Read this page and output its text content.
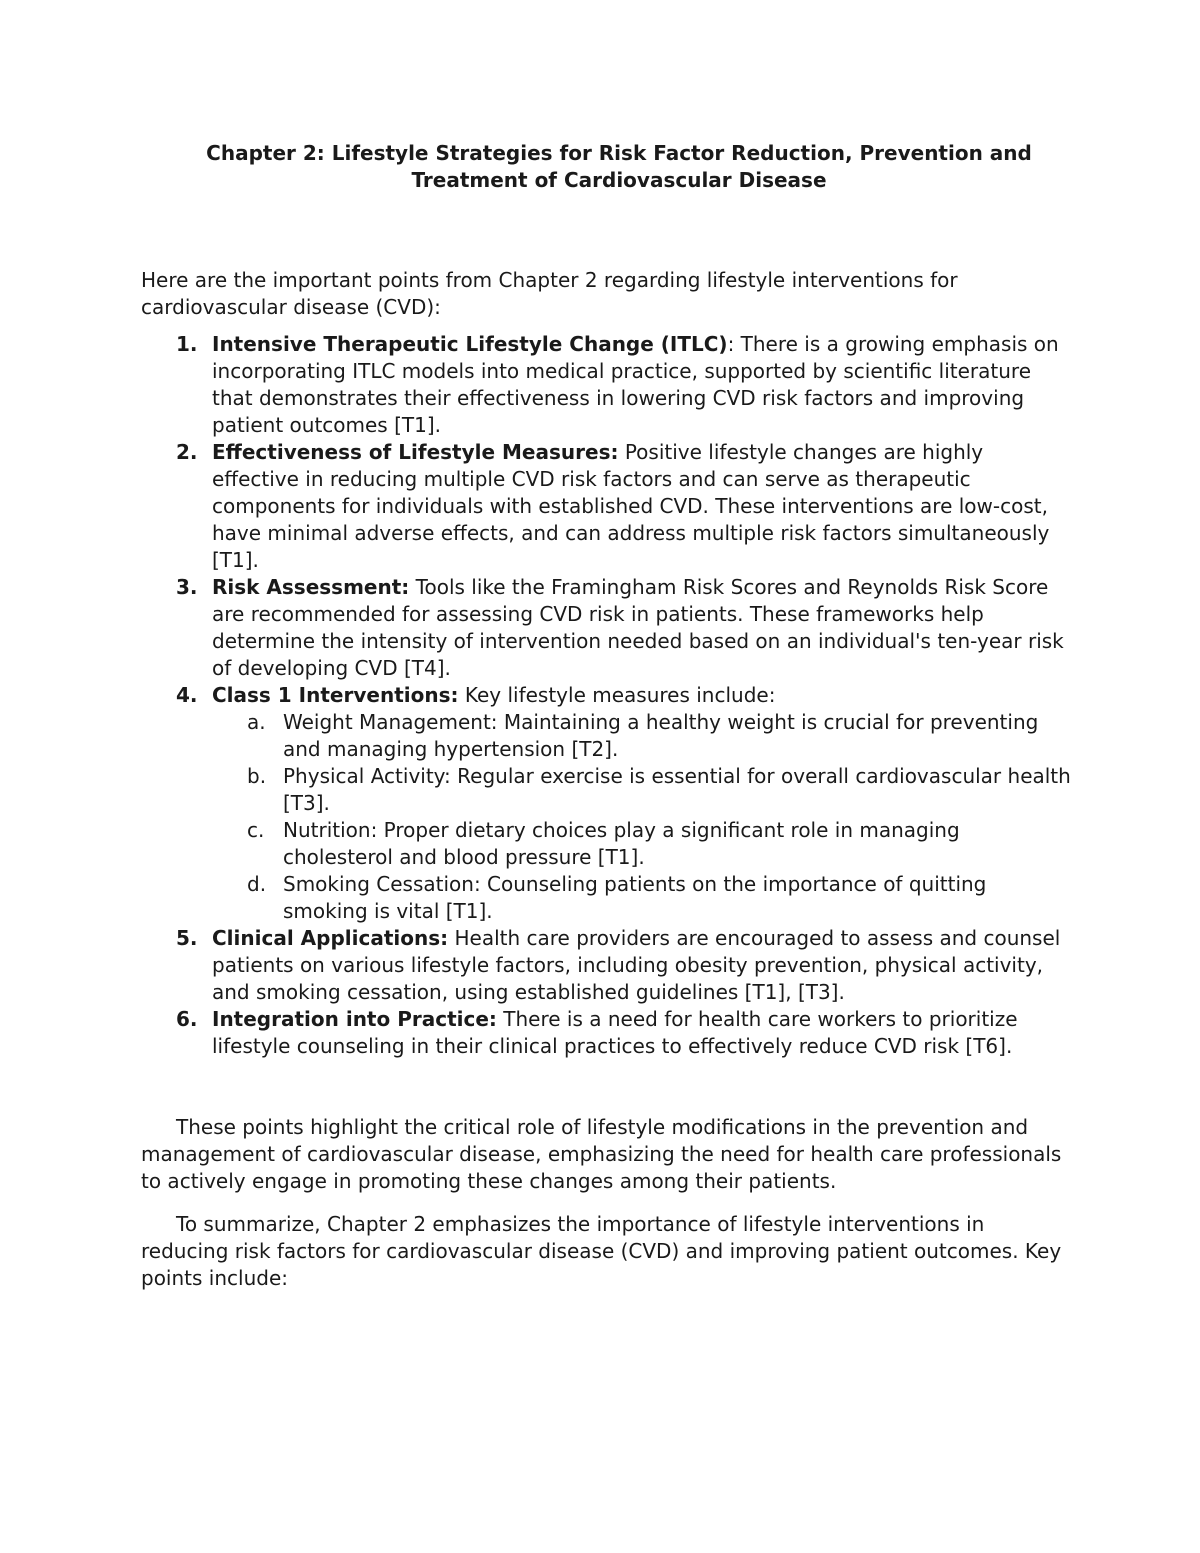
Chapter 2: Lifestyle Strategies for Risk Factor Reduction, Prevention and
Treatment of Cardiovascular Disease

Here are the important points from Chapter 2 regarding lifestyle interventions for cardiovascular disease (CVD):

1. Intensive Therapeutic Lifestyle Change (ITLC): There is a growing emphasis on incorporating ITLC models into medical practice, supported by scientific literature that demonstrates their effectiveness in lowering CVD risk factors and improving patient outcomes [T1].
2. Effectiveness of Lifestyle Measures: Positive lifestyle changes are highly effective in reducing multiple CVD risk factors and can serve as therapeutic components for individuals with established CVD. These interventions are low-cost, have minimal adverse effects, and can address multiple risk factors simultaneously [T1].
3. Risk Assessment: Tools like the Framingham Risk Scores and Reynolds Risk Score are recommended for assessing CVD risk in patients. These frameworks help determine the intensity of intervention needed based on an individual's ten-year risk of developing CVD [T4].
4. Class 1 Interventions: Key lifestyle measures include:
a. Weight Management: Maintaining a healthy weight is crucial for preventing and managing hypertension [T2].
b. Physical Activity: Regular exercise is essential for overall cardiovascular health [T3].
c. Nutrition: Proper dietary choices play a significant role in managing cholesterol and blood pressure [T1].
d. Smoking Cessation: Counseling patients on the importance of quitting smoking is vital [T1].
5. Clinical Applications: Health care providers are encouraged to assess and counsel patients on various lifestyle factors, including obesity prevention, physical activity, and smoking cessation, using established guidelines [T1], [T3].
6. Integration into Practice: There is a need for health care workers to prioritize lifestyle counseling in their clinical practices to effectively reduce CVD risk [T6].

These points highlight the critical role of lifestyle modifications in the prevention and management of cardiovascular disease, emphasizing the need for health care professionals to actively engage in promoting these changes among their patients.

To summarize, Chapter 2 emphasizes the importance of lifestyle interventions in reducing risk factors for cardiovascular disease (CVD) and improving patient outcomes. Key points include:
